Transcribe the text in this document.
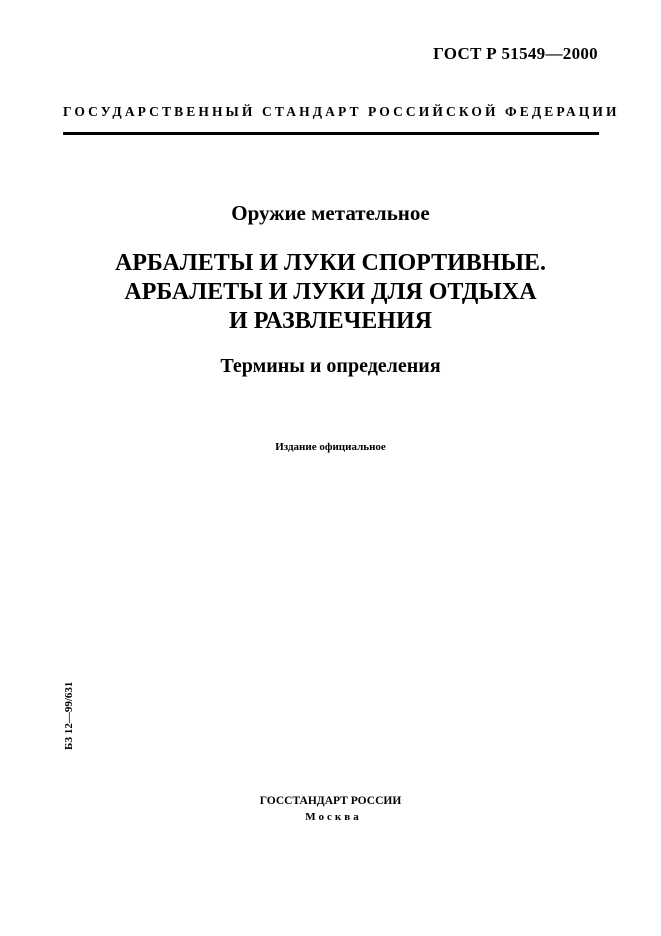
ГОСТ Р 51549—2000
ГОСУДАРСТВЕННЫЙ СТАНДАРТ РОССИЙСКОЙ ФЕДЕРАЦИИ
Оружие метательное
АРБАЛЕТЫ И ЛУКИ СПОРТИВНЫЕ.
АРБАЛЕТЫ И ЛУКИ ДЛЯ ОТДЫХА
И РАЗВЛЕЧЕНИЯ
Термины и определения
Издание официальное
БЗ 12—99/631
ГОССТАНДАРТ РОССИИ
Москва
